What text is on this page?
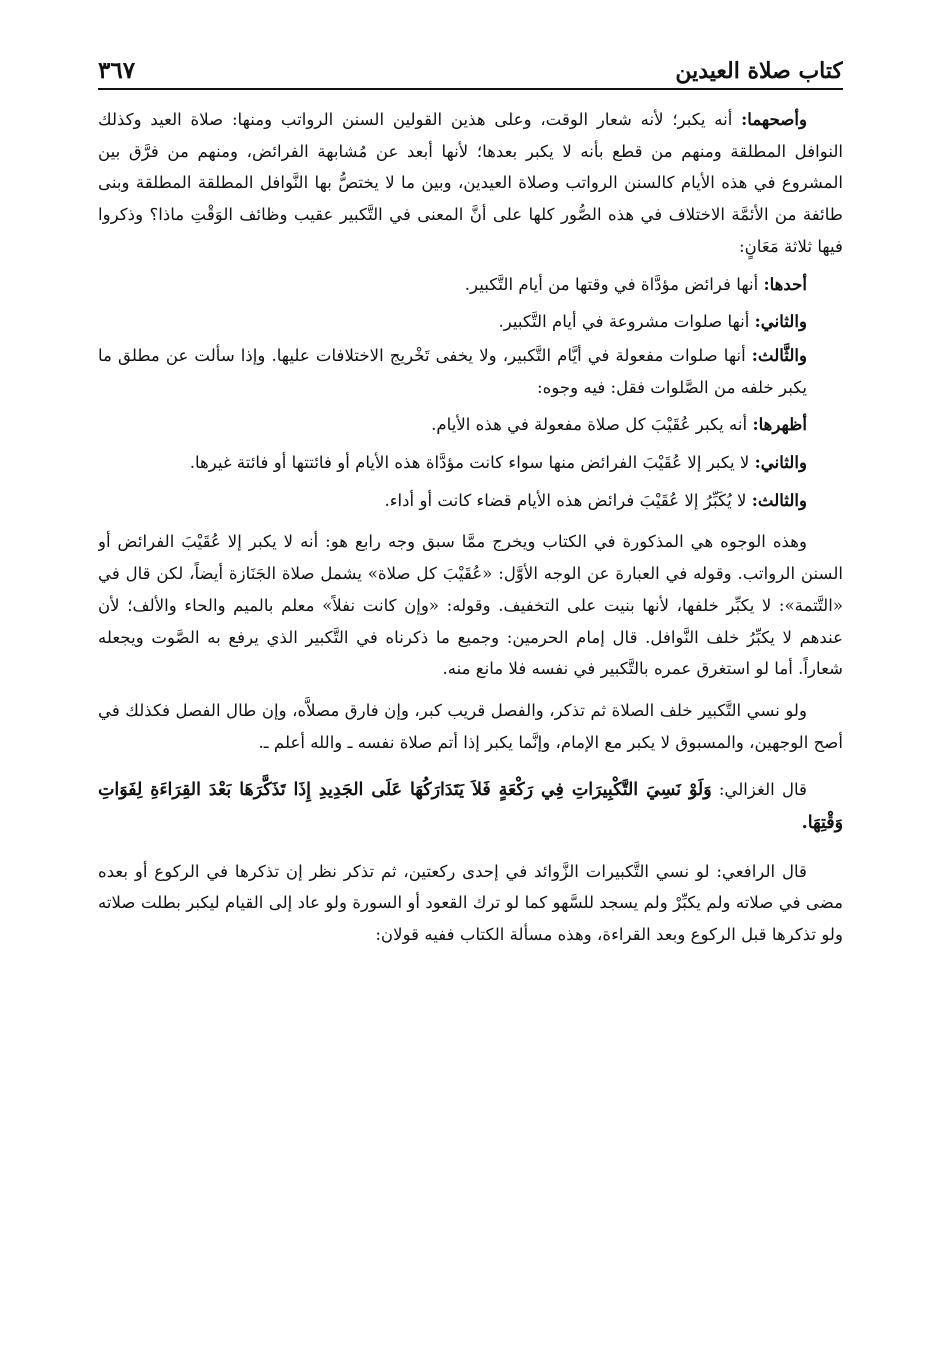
كتاب صلاة العيدين
٣٦٧

وأصحهما: أنه يكبر؛ لأنه شعار الوقت، وعلى هذين القولين السنن الرواتب ومنها: صلاة العيد وكذلك النوافل المطلقة ومنهم من قطع بأنه لا يكبر بعدها؛ لأنها أبعد عن مُشابهة الفرائض، ومنهم من فرَّق بين المشروع في هذه الأيام كالسنن الرواتب وصلاة العيدين، وبين ما لا يختصُّ بها النَّوافل المطلقة المطلقة وبنى طائفة من الأئمَّة الاختلاف في هذه الصُّور كلها على أنَّ المعنى في التَّكبير عقيب وظائف الوَقْتِ ماذا؟ وذكروا فيها ثلاثة مَعَانٍ:

أحدها: أنها فرائض مؤدَّاة في وقتها من أيام التَّكبير.

والثاني: أنها صلوات مشروعة في أيام التَّكبير.

والثَّالث: أنها صلوات مفعولة في أيَّام التَّكبير، ولا يخفى تَخْريج الاختلافات عليها. وإذا سألت عن مطلق ما يكبر خلفه من الصَّلوات فقل: فيه وجوه:

أظهرها: أنه يكبر عُقَيْبَ كل صلاة مفعولة في هذه الأيام.

والثاني: لا يكبر إلا عُقَيْبَ الفرائض منها سواء كانت مؤدَّاة هذه الأيام أو فائتتها أو فائتة غيرها.

والثالث: لا يُكَبِّرُ إلا عُقَيْبَ فرائض هذه الأيام قضاء كانت أو أداء.

وهذه الوجوه هي المذكورة في الكتاب ويخرج ممَّا سبق وجه رابع هو: أنه لا يكبر إلا عُقَيْبَ الفرائض أو السنن الرواتب. وقوله في العبارة عن الوجه الأوَّل: «عُقَيْبَ كل صلاة» يشمل صلاة الجَنَازة أيضاً، لكن قال في «التَّتمة»: لا يكبِّر خلفها، لأنها بنيت على التخفيف. وقوله: «وإن كانت نفلاً» معلم بالميم والحاء والألف؛ لأن عندهم لا يكبِّرُ خلف النَّوافل. قال إمام الحرمين: وجميع ما ذكرناه في التَّكبير الذي يرفع به الصَّوت ويجعله شعاراً. أما لو استغرق عمره بالتَّكبير في نفسه فلا مانع منه.

ولو نسي التَّكبير خلف الصلاة ثم تذكر، والفصل قريب كبر، وإن فارق مصلاَّه، وإن طال الفصل فكذلك في أصح الوجهين، والمسبوق لا يكبر مع الإمام، وإنَّما يكبر إذا أتم صلاة نفسه ـ والله أعلم ـ.

قال الغزالي: وَلَوْ نَسِيَ التَّكْبِيرَاتِ فِي رَكْعَةٍ فَلاَ يَتَدَارَكُهَا عَلَى الجَدِيدِ إِذَا تَذَكَّرَهَا بَعْدَ القِرَاءَةِ لِفَوَاتِ وَقْتِهَا.

قال الرافعي: لو نسي التَّكبيرات الزَّوائد في إحدى ركعتين، ثم تذكر نظر إن تذكرها في الركوع أو بعده مضى في صلاته ولم يكبِّرْ ولم يسجد للسَّهو كما لو ترك القعود أو السورة ولو عاد إلى القيام ليكبر بطلت صلاته ولو تذكرها قبل الركوع وبعد القراءة، وهذه مسألة الكتاب ففيه قولان:
